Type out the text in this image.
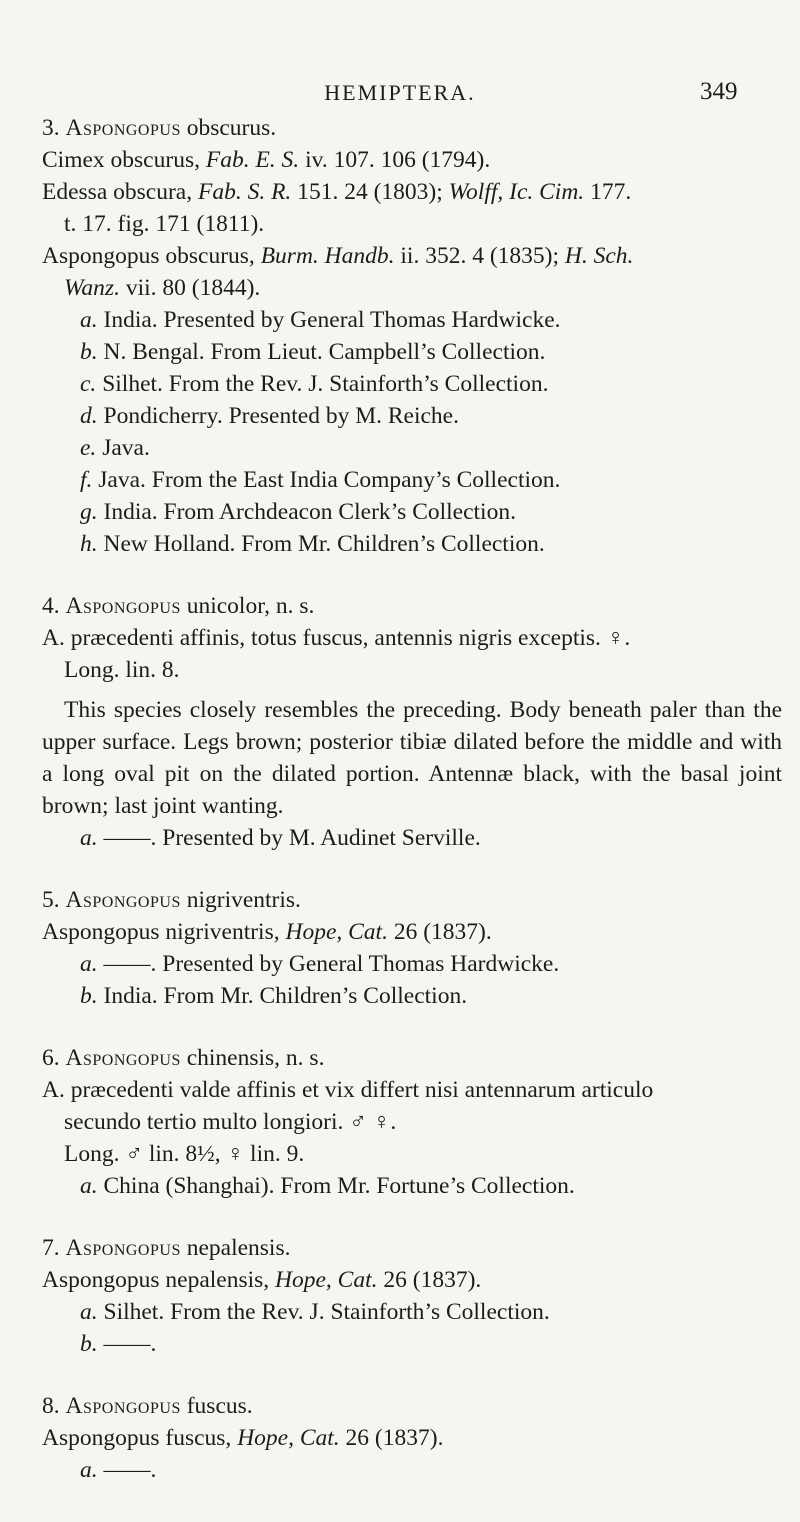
HEMIPTERA.	349
3. Aspongopus obscurus.
Cimex obscurus, Fab. E. S. iv. 107. 106 (1794).
Edessa obscura, Fab. S. R. 151. 24 (1803); Wolff, Ic. Cim. 177.
t. 17. fig. 171 (1811).
Aspongopus obscurus, Burm. Handb. ii. 352. 4 (1835); H. Sch.
Wanz. vii. 80 (1844).
a. India. Presented by General Thomas Hardwicke.
b. N. Bengal. From Lieut. Campbell’s Collection.
c. Silhet. From the Rev. J. Stainforth’s Collection.
d. Pondicherry. Presented by M. Reiche.
e. Java.
f. Java. From the East India Company’s Collection.
g. India. From Archdeacon Clerk’s Collection.
h. New Holland. From Mr. Children’s Collection.
4. Aspongopus unicolor, n. s.
A. præcedenti affinis, totus fuscus, antennis nigris exceptis. ♀.
Long. lin. 8.
This species closely resembles the preceding. Body beneath paler than the upper surface. Legs brown; posterior tibiæ dilated before the middle and with a long oval pit on the dilated portion. Antennæ black, with the basal joint brown; last joint wanting.
a. ——. Presented by M. Audinet Serville.
5. Aspongopus nigriventris.
Aspongopus nigriventris, Hope, Cat. 26 (1837).
a. ——. Presented by General Thomas Hardwicke.
b. India. From Mr. Children’s Collection.
6. Aspongopus chinensis, n. s.
A. præcedenti valde affinis et vix differt nisi antennarum articulo
secundo tertio multo longiori. ♂ ♀.
Long. ♂ lin. 8½, ♀ lin. 9.
a. China (Shanghai). From Mr. Fortune’s Collection.
7. Aspongopus nepalensis.
Aspongopus nepalensis, Hope, Cat. 26 (1837).
a. Silhet. From the Rev. J. Stainforth’s Collection.
b. ——.
8. Aspongopus fuscus.
Aspongopus fuscus, Hope, Cat. 26 (1837).
a. ——.
